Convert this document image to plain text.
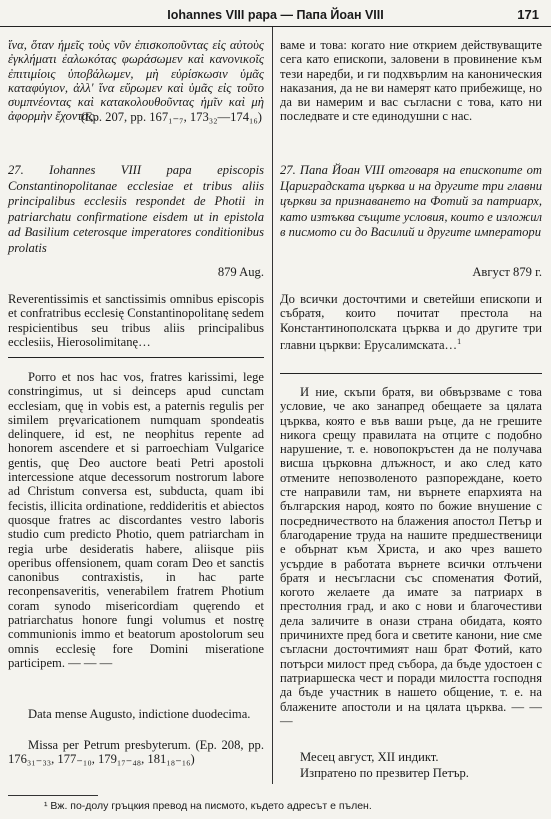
Iohannes VIII papa — Папа Йоан VIII	171

ἵνα, ὅταν ἡμεῖς τοὺς νῦν ἐπισκοποῦντας εἰς αὐτοὺς ἐγκλήματι ἐαλωκότας φωράσωμεν καὶ κανονικοῖς ἐπιτιμίοις ὑποβάλωμεν, μὴ εὑρίσκωσιν ὑμᾶς καταφύγιον, ἀλλ' ἵνα εὕρωμεν καὶ ὑμᾶς εἰς τοῦτο συμπνέοντας καὶ κατακολουθοῦντας ἡμῖν καὶ μὴ ἀφορμὴν ἔχοντας.

(Ep. 207, pp. 167₁₋₇, 173₃₂—174₁₆)

27. Iohannes VIII papa episcopis Constantinopolitanae ecclesiae et tribus aliis principalibus ecclesiis respondet de Photii in patriarchatu confirmatione eisdem ut in epistola ad Basilium ceterosque imperatores conditionibus prolatis

879 Aug.

Reverentissimis et sanctissimis omnibus episcopis et confratribus ecclesię Constantinopolitanę sedem respicientibus seu tribus aliis principalibus ecclesiis, Hierosolimitanę…

Porro et nos hac vos, fratres karissimi, lege constringimus, ut si deinceps apud cunctam ecclesiam, quę in vobis est, a paternis regulis per similem prȩvaricationem numquam spondeatis delinquere, id est, ne neophitus repente ad honorem ascendere et si parroechiam Vulgarice gentis, quę Deo auctore beati Petri apostoli intercessione atque decessorum nostrorum labore ad Christum conversa est, subducta, quam ibi fecistis, illicita ordinatione, reddideritis et abiectos quosque fratres ac discordantes vestro laboris studio cum predicto Photio, quem patriarcham in regia urbe desideratis habere, aliisque piis operibus offensionem, quam coram Deo et sanctis canonibus contraxistis, in hac parte reconpensaveritis, venerabilem fratrem Photium coram synodo misericordiam quęrendo et patriarchatus honore fungi volumus et nostrę communionis immo et beatorum apostolorum seu omnis ecclesię fore Domini miseratione participem. — — —

Data mense Augusto, indictione duodecima.

Missa per Petrum presbyterum. (Ep. 208, pp. 176₃₁₋₃₃, 177₋₁₀, 179₁₇₋₄₈, 181₁₈₋₁₆)

ваме и това: когато ние открием действуващите сега като епископи, заловени в провинение към тези наредби, и ги подхвърлим на каноническия наказания, да не ви намерят като прибежище, но да ви намерим и вас съгласни с това, като ни последвате и сте единодушни с нас.

27. Папа Йоан VIII отговаря на епископите от Цариградската църква и на другите три главни църкви за признаването на Фотий за патриарх, като изтъква същите условия, които е изложил в писмото си до Василий и другите императори

Август 879 г.

До всички досточтими и светейши епископи и събратя, които почитат престола на Константинополската църква и до другите три главни църкви: Ерусалимската…$^1$

И ние, скъпи братя, ви обвързваме с това условие, че ако занапред обещаете за цялата църква, която е във ваши ръце, да не грешите никога срещу правилата на отците с подобно нарушение, т. е. новопокръстен да не получава висша църковна длъжност, и ако след като отмените непозволеното разпореждане, което сте направили там, ни върнете епархията на българския народ, която по божие внушение с посредничеството на блажения апостол Петър и благодарение труда на нашите предшественици е обърнат към Христа, и ако чрез вашето усърдие в работата върнете всички отлъчени братя и несъгласни със споменатия Фотий, когото желаете да имате за патриарх в престолния град, и ако с нови и благочестиви дела заличите в онази страна обидата, която причинихте пред бога и светите канони, ние сме съгласни досточтимият наш брат Фотий, като потърси милост пред събора, да бъде удостоен с патриаршеска чест и поради милостта господня да бъде участник в нашето общение, т. е. на блажените апостоли и на цялата църква. — — —

Месец август, XII индикт.

Изпратено по презвитер Петър.

¹ Вж. по-долу гръцкия превод на писмото, където адресът е пълен.
